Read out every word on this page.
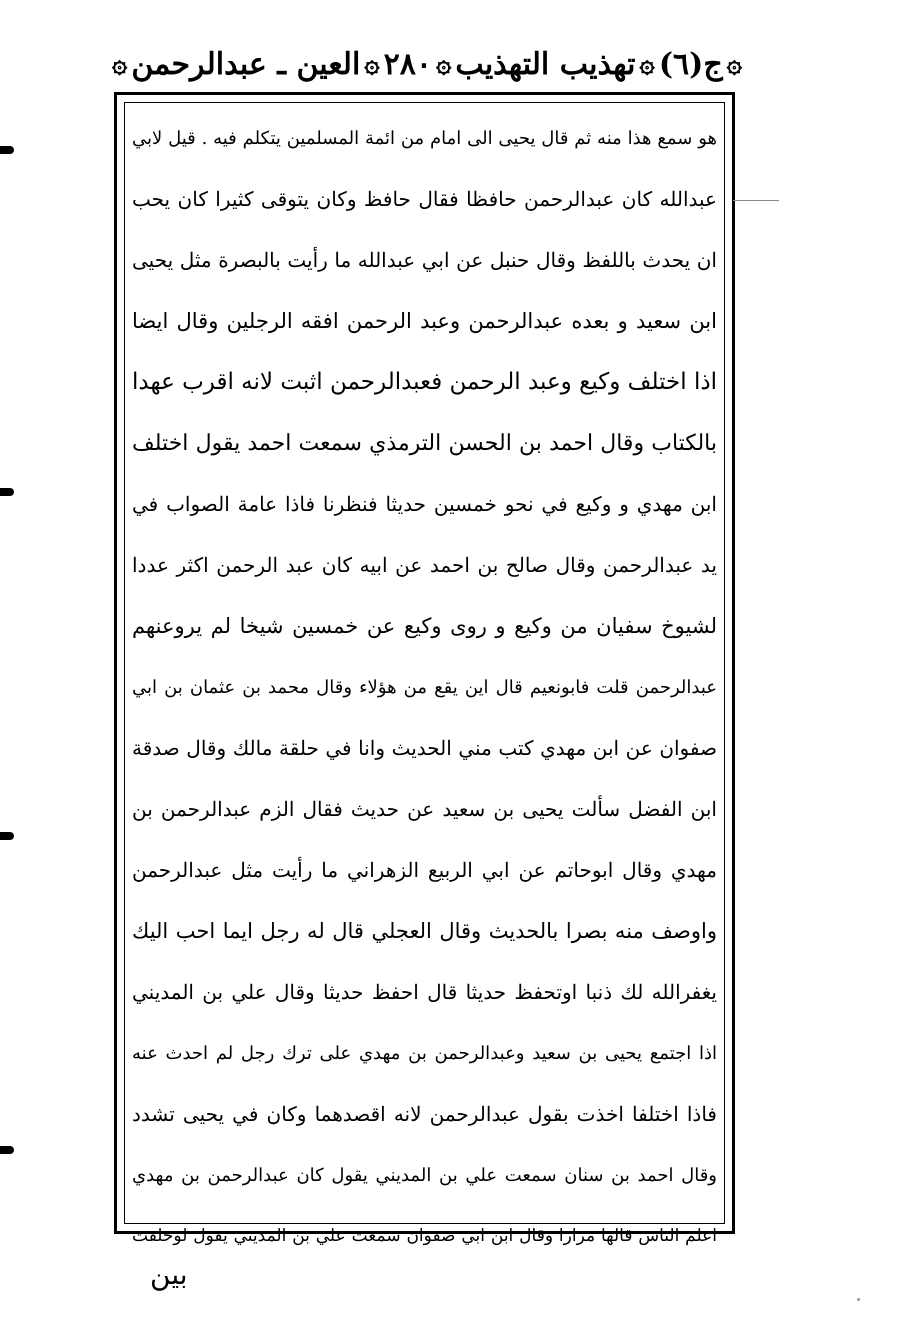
۞
ج(٦)
۞
تهذيب التهذيب
۞
٢٨٠
۞
العين ـ عبدالرحمن
۞
هو سمع هذا منه ثم قال يحيى الى امام من ائمة المسلمين يتكلم فيه . قيل لابي
عبدالله كان عبدالرحمن حافظا فقال حافظ وكان يتوقى كثيرا كان يحب
ان يحدث باللفظ وقال حنبل عن ابي عبدالله ما رأيت بالبصرة مثل يحيى
ابن سعيد و بعده عبدالرحمن وعبد الرحمن افقه الرجلين وقال ايضا
اذا اختلف وكيع وعبد الرحمن فعبدالرحمن اثبت لانه اقرب عهدا
بالكتاب وقال احمد بن الحسن الترمذي سمعت احمد يقول اختلف
ابن مهدي و وكيع في نحو خمسين حديثا فنظرنا فاذا عامة الصواب في
يد عبدالرحمن وقال صالح بن احمد عن ابيه كان عبد الرحمن اكثر عددا
لشيوخ سفيان من وكيع و روى وكيع عن خمسين شيخا لم يروعنهم
عبدالرحمن قلت فابونعيم قال اين يقع من هؤلاء وقال محمد بن عثمان بن ابي
صفوان عن ابن مهدي كتب مني الحديث وانا في حلقة مالك وقال صدقة
ابن الفضل سألت يحيى بن سعيد عن حديث فقال الزم عبدالرحمن بن
مهدي وقال ابوحاتم عن ابي الربيع الزهراني ما رأيت مثل عبدالرحمن
واوصف منه بصرا بالحديث وقال العجلي قال له رجل ايما احب اليك
يغفرالله لك ذنبا اوتحفظ حديثا قال احفظ حديثا وقال علي بن المديني
اذا اجتمع يحيى بن سعيد وعبدالرحمن بن مهدي على ترك رجل لم احدث عنه
فاذا اختلفا اخذت بقول عبدالرحمن لانه اقصدهما وكان في يحيى تشدد
وقال احمد بن سنان سمعت علي بن المديني يقول كان عبدالرحمن بن مهدي
اعلم الناس قالها مرارا وقال ابن ابي صفوان سمعت علي بن المديني يقول لوحلفت
بين
